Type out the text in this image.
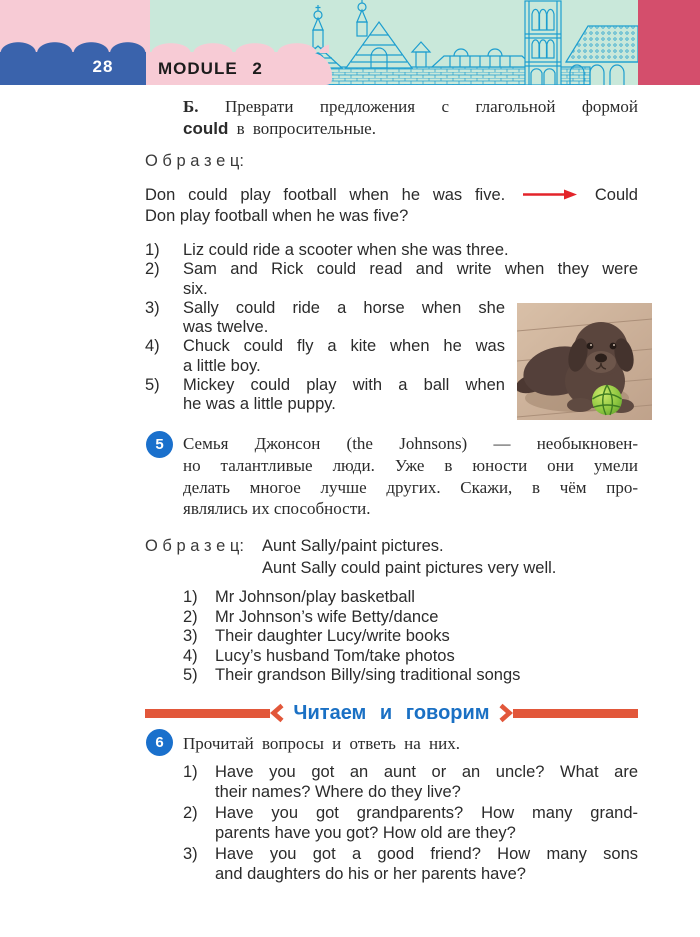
28	MODULE 2
Б. Преврати предложения с глагольной формой
could в вопросительные.
О б р а з е ц:
Don could play football when he was five.	Could
Don play football when he was five?
1)	Liz could ride a scooter when she was three.
2)	Sam and Rick could read and write when they were
six.
3)	Sally could ride a horse when she
was twelve.
4)	Chuck could fly a kite when he was
a little boy.
5)	Mickey could play with a ball when
he was a little puppy.
5	Семья Джонсон (the Johnsons) — необыкновен-
но талантливые люди. Уже в юности они умели
делать многое лучше других. Скажи, в чём про-
являлись их способности.
О б р а з е ц:	Aunt Sally/paint pictures.
Aunt Sally could paint pictures very well.
1)	Mr Johnson/play basketball
2)	Mr Johnson’s wife Betty/dance
3)	Their daughter Lucy/write books
4)	Lucy’s husband Tom/take photos
5)	Their grandson Billy/sing traditional songs
Читаем и говорим
6	Прочитай вопросы и ответь на них.
1)	Have you got an aunt or an uncle? What are
their names? Where do they live?
2)	Have you got grandparents? How many grand-
parents have you got? How old are they?
3)	Have you got a good friend? How many sons
and daughters do his or her parents have?
